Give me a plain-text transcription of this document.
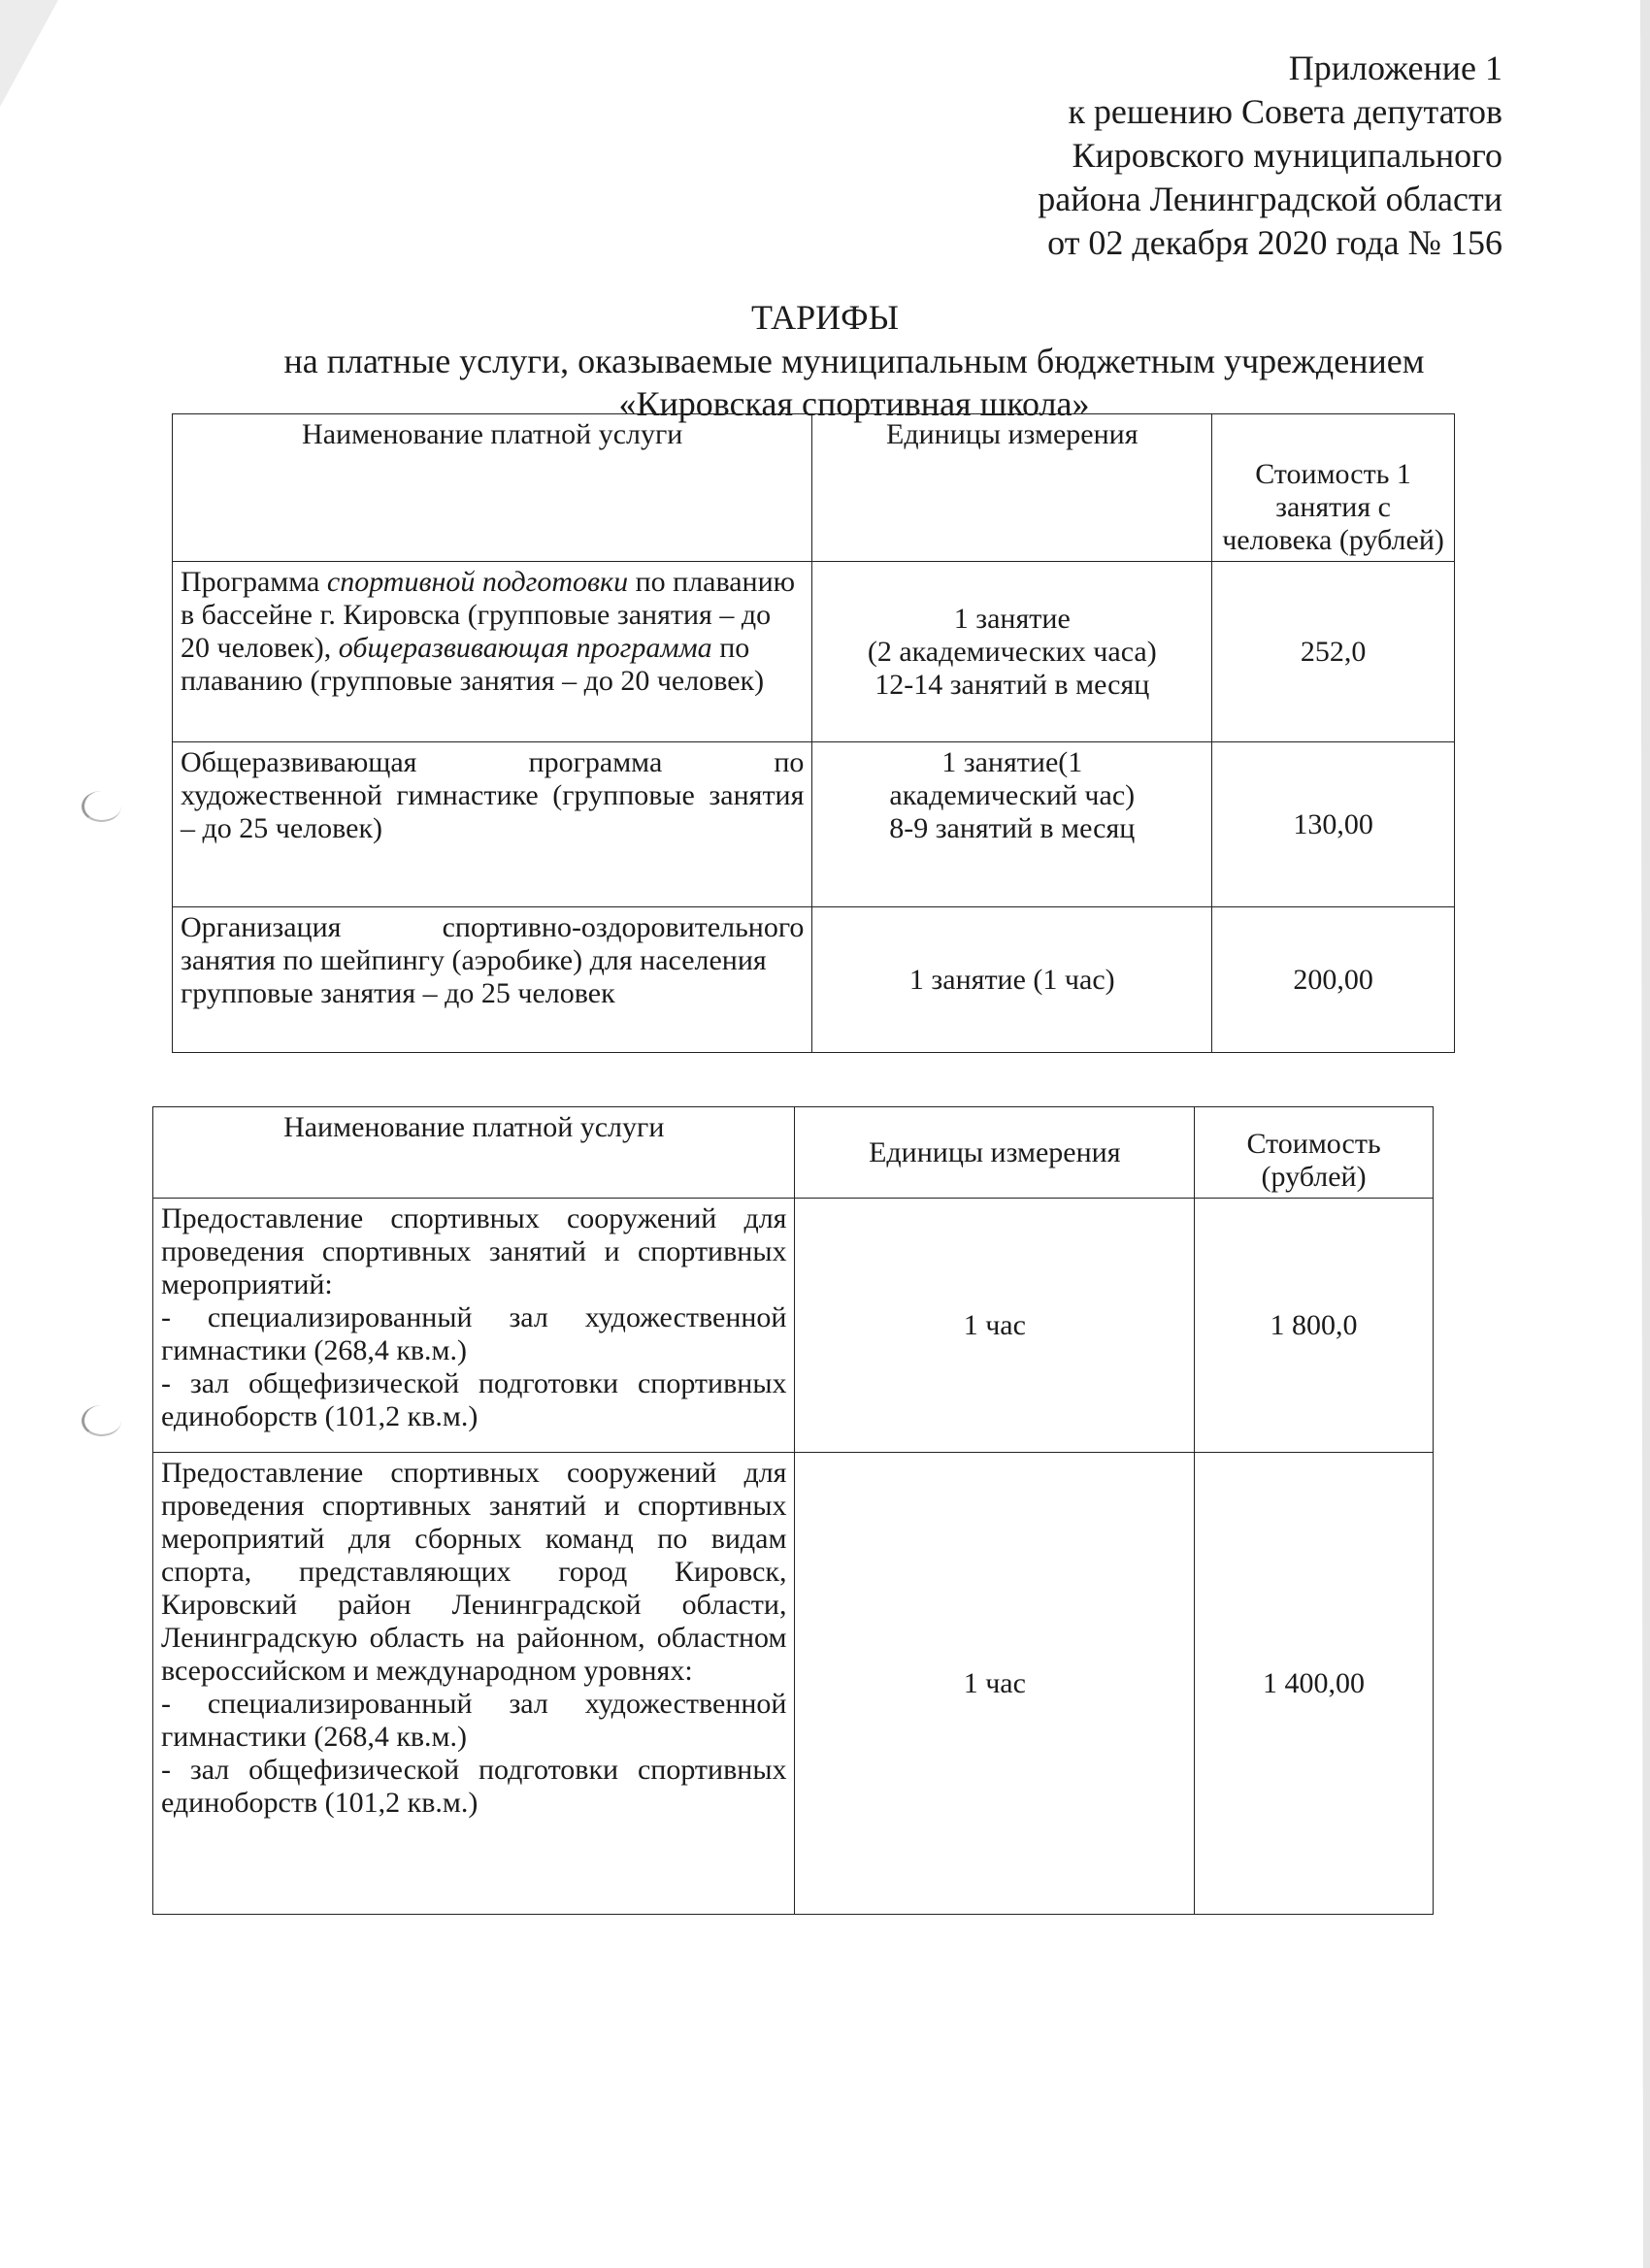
Приложение 1
к решению Совета депутатов
Кировского муниципального
района Ленинградской области
от 02 декабря 2020 года № 156
ТАРИФЫ
на платные услуги, оказываемые муниципальным бюджетным учреждением
«Кировская спортивная школа»
Наименование платной услуги	Единицы измерения	Стоимость 1 занятия с человека (рублей)
Программа спортивной подготовки по плаванию в бассейне г. Кировска (групповые занятия – до 20 человек), общеразвивающая программа по плаванию (групповые занятия – до 20 человек)	1 занятие
(2 академических часа)
12-14 занятий в месяц	252,0
Общеразвивающая программа по художественной гимнастике (групповые занятия – до 25 человек)	1 занятие(1
академический час)
8-9 занятий в месяц	130,00
Организация спортивно-оздоровительного занятия по шейпингу (аэробике) для населения
групповые занятия – до 25 человек	1 занятие (1 час)	200,00
Наименование платной услуги	Единицы измерения	Стоимость (рублей)
Предоставление спортивных сооружений для проведения спортивных занятий и спортивных мероприятий:
- специализированный зал художественной гимнастики (268,4 кв.м.)
- зал общефизической подготовки спортивных единоборств (101,2 кв.м.)	1 час	1 800,0
Предоставление спортивных сооружений для проведения спортивных занятий и спортивных мероприятий для сборных команд по видам спорта, представляющих город Кировск, Кировский район Ленинградской области, Ленинградскую область на районном, областном всероссийском и международном уровнях:
- специализированный зал художественной гимнастики (268,4 кв.м.)
- зал общефизической подготовки спортивных единоборств (101,2 кв.м.)	1 час	1 400,00
